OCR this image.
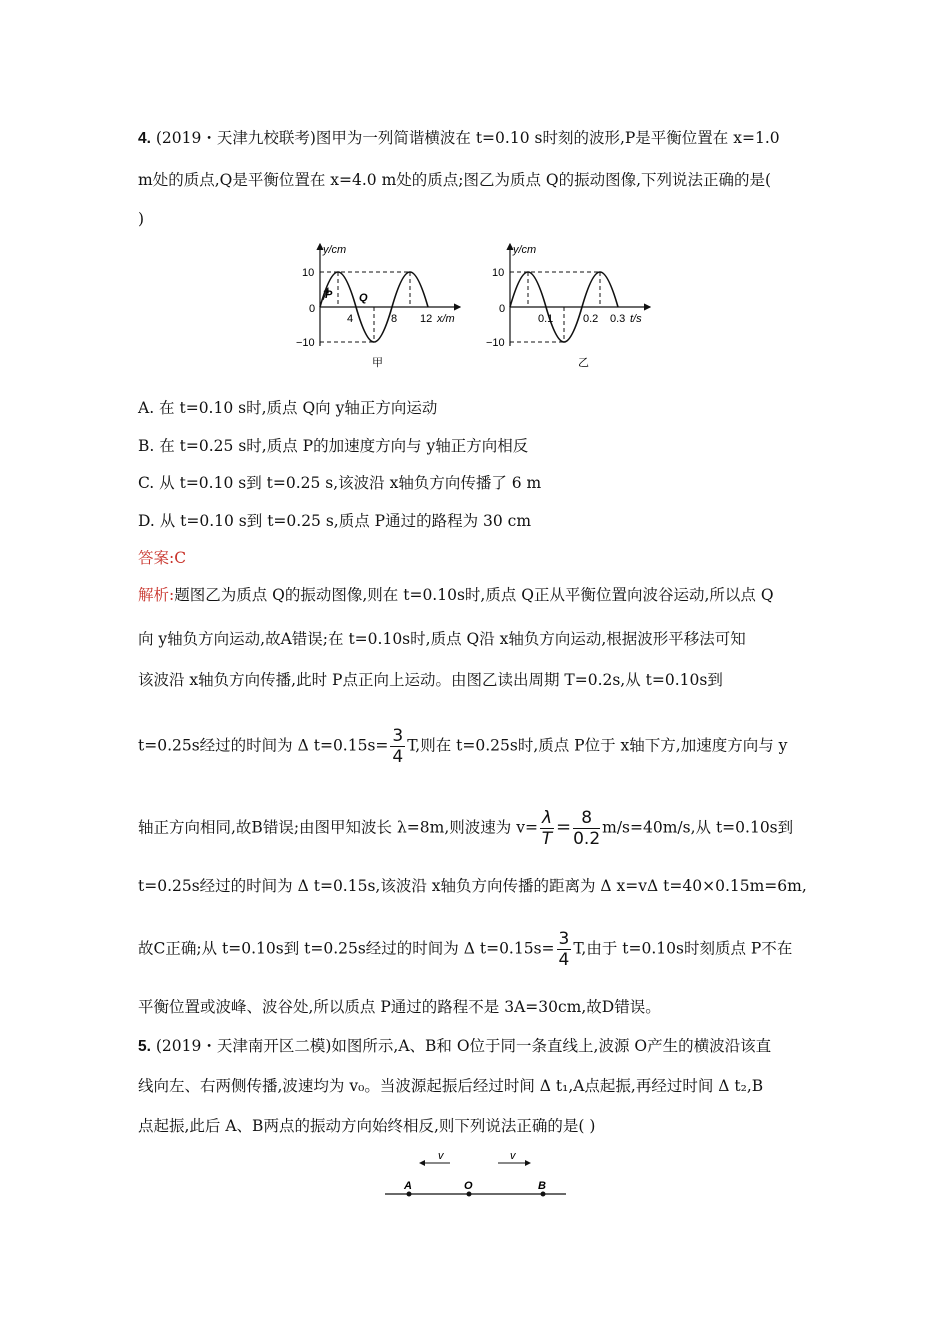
4. (2019・天津九校联考)图甲为一列简谐横波在 t=0.10 s时刻的波形,P是平衡位置在 x=1.0
m处的质点,Q是平衡位置在 x=4.0 m处的质点;图乙为质点 Q的振动图像,下列说法正确的是(
)
y/cm
x/m
10
0
−10
P Q
4	8 12
甲
y/cm
t/s
10
0
−10
0.1	0.2 0.3
乙
A. 在 t=0.10 s时,质点 Q向 y轴正方向运动
B. 在 t=0.25 s时,质点 P的加速度方向与 y轴正方向相反
C. 从 t=0.10 s到 t=0.25 s,该波沿 x轴负方向传播了 6 m
D. 从 t=0.10 s到 t=0.25 s,质点 P通过的路程为 30 cm
答案:C
解析:题图乙为质点 Q的振动图像,则在 t=0.10s时,质点 Q正从平衡位置向波谷运动,所以点 Q
向 y轴负方向运动,故A错误;在 t=0.10s时,质点 Q沿 x轴负方向运动,根据波形平移法可知
该波沿 x轴负方向传播,此时 P点正向上运动。由图乙读出周期 T=0.2s,从 t=0.10s到
t=0.25s经过的时间为 Δ $t=0.15s= \frac{3}{4} T$,则在 t=0.25s时,质点 P位于 x轴下方,加速度方向与 y
轴正方向相同,故B错误;由图甲知波长 λ=8m,则波速为 $v= \frac{\lambda}{T} = \frac{8}{0.2} m/s=40m/s$,从 t=0.10s到
t=0.25s经过的时间为 Δ t=0.15s,该波沿 x轴负方向传播的距离为 Δ x=vΔ t=40×0.15m=6m,
故C正确;从 t=0.10s到 t=0.25s经过的时间为 Δ $t=0.15s= \frac{3}{4} T$,由于 t=0.10s时刻质点 P不在
平衡位置或波峰、波谷处,所以质点 P通过的路程不是 3A=30cm,故D错误。
5. (2019・天津南开区二模)如图所示,A、B和 O位于同一条直线上,波源 O产生的横波沿该直
线向左、右两侧传播,波速均为 v₀。当波源起振后经过时间 Δ t₁,A点起振,再经过时间 Δ t₂,B
点起振,此后 A、B两点的振动方向始终相反,则下列说法正确的是( )
v	v
A	O	B
